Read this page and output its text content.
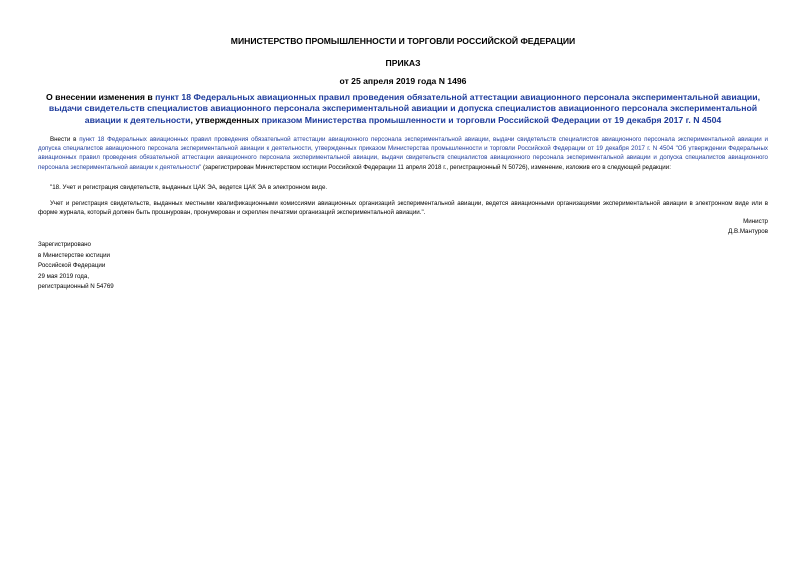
МИНИСТЕРСТВО ПРОМЫШЛЕННОСТИ И ТОРГОВЛИ РОССИЙСКОЙ ФЕДЕРАЦИИ
ПРИКАЗ
от 25 апреля 2019 года N 1496
О внесении изменения в пункт 18 Федеральных авиационных правил проведения обязательной аттестации авиационного персонала экспериментальной авиации, выдачи свидетельств специалистов авиационного персонала экспериментальной авиации и допуска специалистов авиационного персонала экспериментальной авиации к деятельности, утвержденных приказом Министерства промышленности и торговли Российской Федерации от 19 декабря 2017 г. N 4504
Внести в пункт 18 Федеральных авиационных правил проведения обязательной аттестации авиационного персонала экспериментальной авиации, выдачи свидетельств специалистов авиационного персонала экспериментальной авиации и допуска специалистов авиационного персонала экспериментальной авиации к деятельности, утвержденных приказом Министерства промышленности и торговли Российской Федерации от 19 декабря 2017 г. N 4504 "Об утверждении Федеральных авиационных правил проведения обязательной аттестации авиационного персонала экспериментальной авиации, выдачи свидетельств специалистов авиационного персонала экспериментальной авиации и допуска специалистов авиационного персонала экспериментальной авиации к деятельности" (зарегистрирован Министерством юстиции Российской Федерации 11 апреля 2018 г., регистрационный N 50726), изменение, изложив его в следующей редакции:
"18. Учет и регистрация свидетельств, выданных ЦАК ЭА, ведется ЦАК ЭА в электронном виде.
Учет и регистрация свидетельств, выданных местными квалификационными комиссиями авиационных организаций экспериментальной авиации, ведется авиационными организациями экспериментальной авиации в электронном виде или в форме журнала, который должен быть прошнурован, пронумерован и скреплен печатями организаций экспериментальной авиации.".
Министр
Д.В.Мантуров
Зарегистрировано
в Министерстве юстиции
Российской Федерации
29 мая 2019 года,
регистрационный N 54769
